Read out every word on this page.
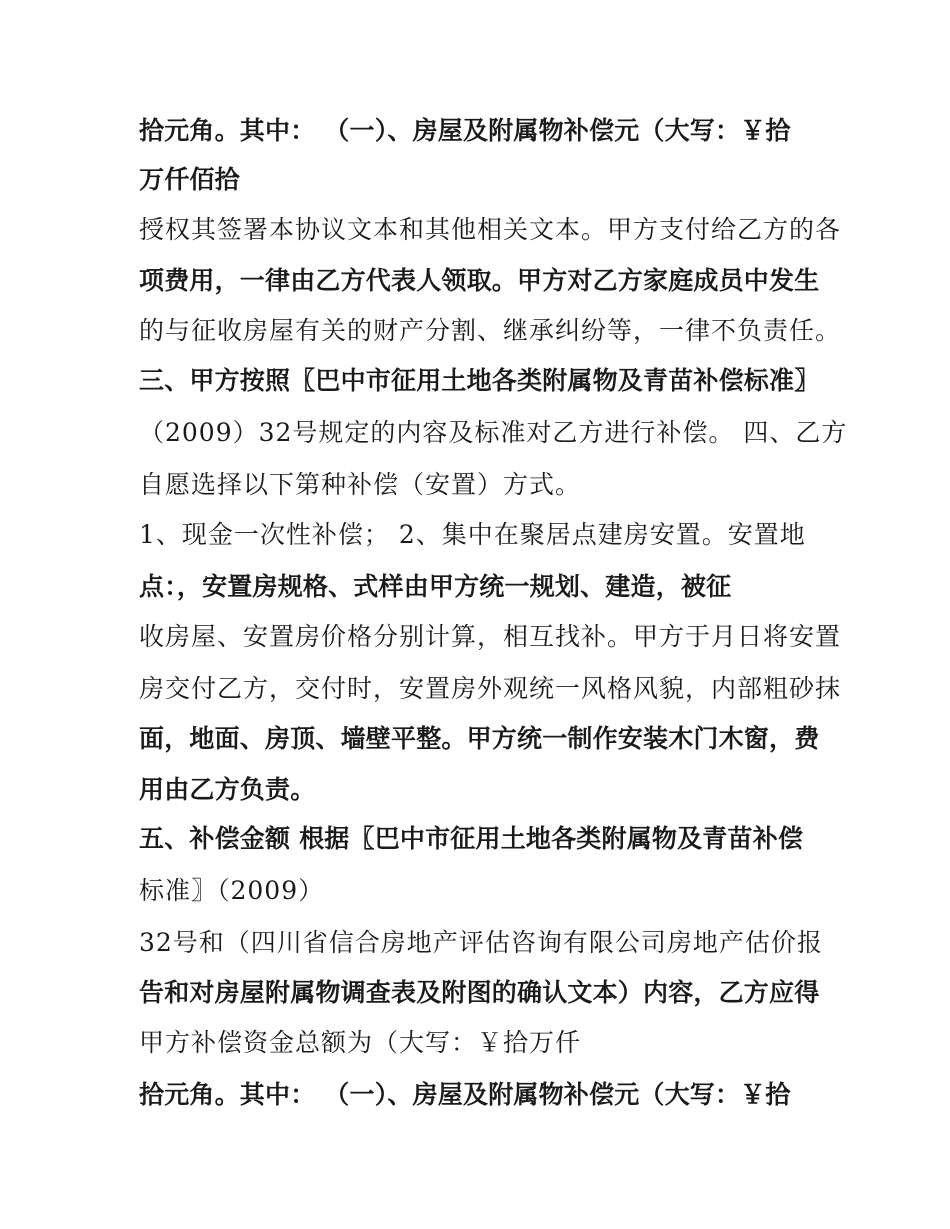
拾元角。其中： （一）、房屋及附属物补偿元（大写：￥拾
万仟佰拾
授权其签署本协议文本和其他相关文本。甲方支付给乙方的各
项费用，一律由乙方代表人领取。甲方对乙方家庭成员中发生
的与征收房屋有关的财产分割、继承纠纷等，一律不负责任。
三、甲方按照〖巴中市征用土地各类附属物及青苗补偿标准〗
（2009）32号规定的内容及标准对乙方进行补偿。 四、乙方
自愿选择以下第种补偿（安置）方式。
1、现金一次性补偿； 2、集中在聚居点建房安置。安置地
点：，安置房规格、式样由甲方统一规划、建造，被征
收房屋、安置房价格分别计算，相互找补。甲方于月日将安置
房交付乙方，交付时，安置房外观统一风格风貌，内部粗砂抹
面，地面、房顶、墙壁平整。甲方统一制作安装木门木窗，费
用由乙方负责。
五、补偿金额 根据〖巴中市征用土地各类附属物及青苗补偿
标准〗（2009）
32号和（四川省信合房地产评估咨询有限公司房地产估价报
告和对房屋附属物调查表及附图的确认文本）内容，乙方应得
甲方补偿资金总额为（大写：￥拾万仟
拾元角。其中： （一）、房屋及附属物补偿元（大写：￥拾
